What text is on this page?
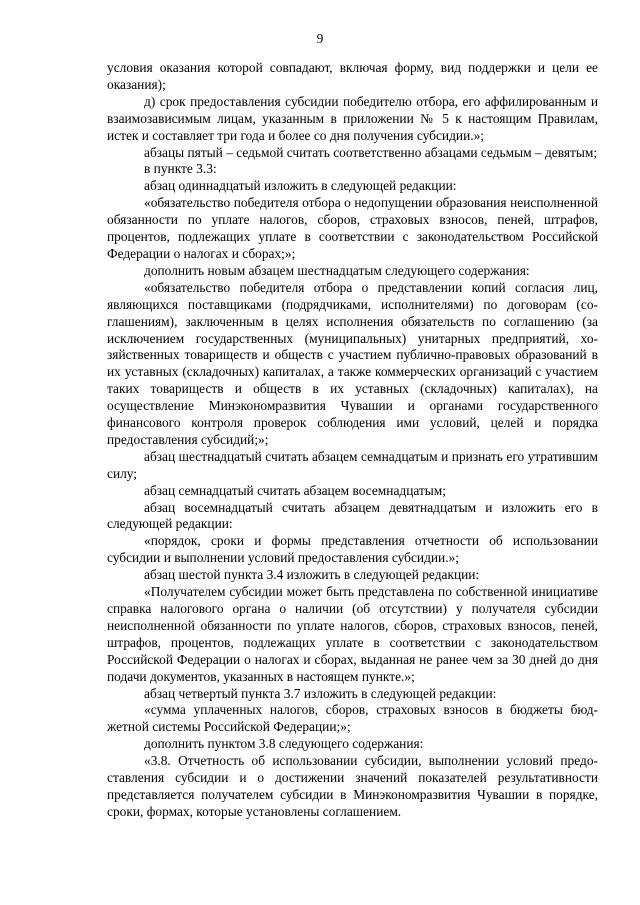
9

условия оказания которой совпадают, включая форму, вид поддержки и цели ее оказания);

д) срок предоставления субсидии победителю отбора, его аффилированным и взаимозависимым лицам, указанным в приложении № 5 к настоящим Правилам, истек и составляет три года и более со дня получения субсидии.»;

абзацы пятый – седьмой считать соответственно абзацами седьмым – девятым;

в пункте 3.3:

абзац одиннадцатый изложить в следующей редакции:

«обязательство победителя отбора о недопущении образования неисполненной обязанности по уплате налогов, сборов, страховых взносов, пеней, штрафов, процентов, подлежащих уплате в соответствии с законодательством Российской Федерации о налогах и сборах;»;

дополнить новым абзацем шестнадцатым следующего содержания:

«обязательство победителя отбора о представлении копий согласия лиц, являющихся поставщиками (подрядчиками, исполнителями) по договорам (соглашениям), заключенным в целях исполнения обязательств по соглашению (за исключением государственных (муниципальных) унитарных предприятий, хозяйственных товариществ и обществ с участием публично-правовых образований в их уставных (складочных) капиталах, а также коммерческих организаций с участием таких товариществ и обществ в их уставных (складочных) капиталах), на осуществление Минэкономразвития Чувашии и органами государственного финансового контроля проверок соблюдения ими условий, целей и порядка предоставления субсидий;»;

абзац шестнадцатый считать абзацем семнадцатым и признать его утратившим силу;

абзац семнадцатый считать абзацем восемнадцатым;

абзац восемнадцатый считать абзацем девятнадцатым и изложить его в следующей редакции:

«порядок, сроки и формы представления отчетности об использовании субсидии и выполнении условий предоставления субсидии.»;

абзац шестой пункта 3.4 изложить в следующей редакции:

«Получателем субсидии может быть представлена по собственной инициативе справка налогового органа о наличии (об отсутствии) у получателя субсидии неисполненной обязанности по уплате налогов, сборов, страховых взносов, пеней, штрафов, процентов, подлежащих уплате в соответствии с законодательством Российской Федерации о налогах и сборах, выданная не ранее чем за 30 дней до дня подачи документов, указанных в настоящем пункте.»;

абзац четвертый пункта 3.7 изложить в следующей редакции:

«сумма уплаченных налогов, сборов, страховых взносов в бюджеты бюджетной системы Российской Федерации;»;

дополнить пунктом 3.8 следующего содержания:

«3.8. Отчетность об использовании субсидии, выполнении условий предоставления субсидии и о достижении значений показателей результативности представляется получателем субсидии в Минэкономразвития Чувашии в порядке, сроки, формах, которые установлены соглашением.
